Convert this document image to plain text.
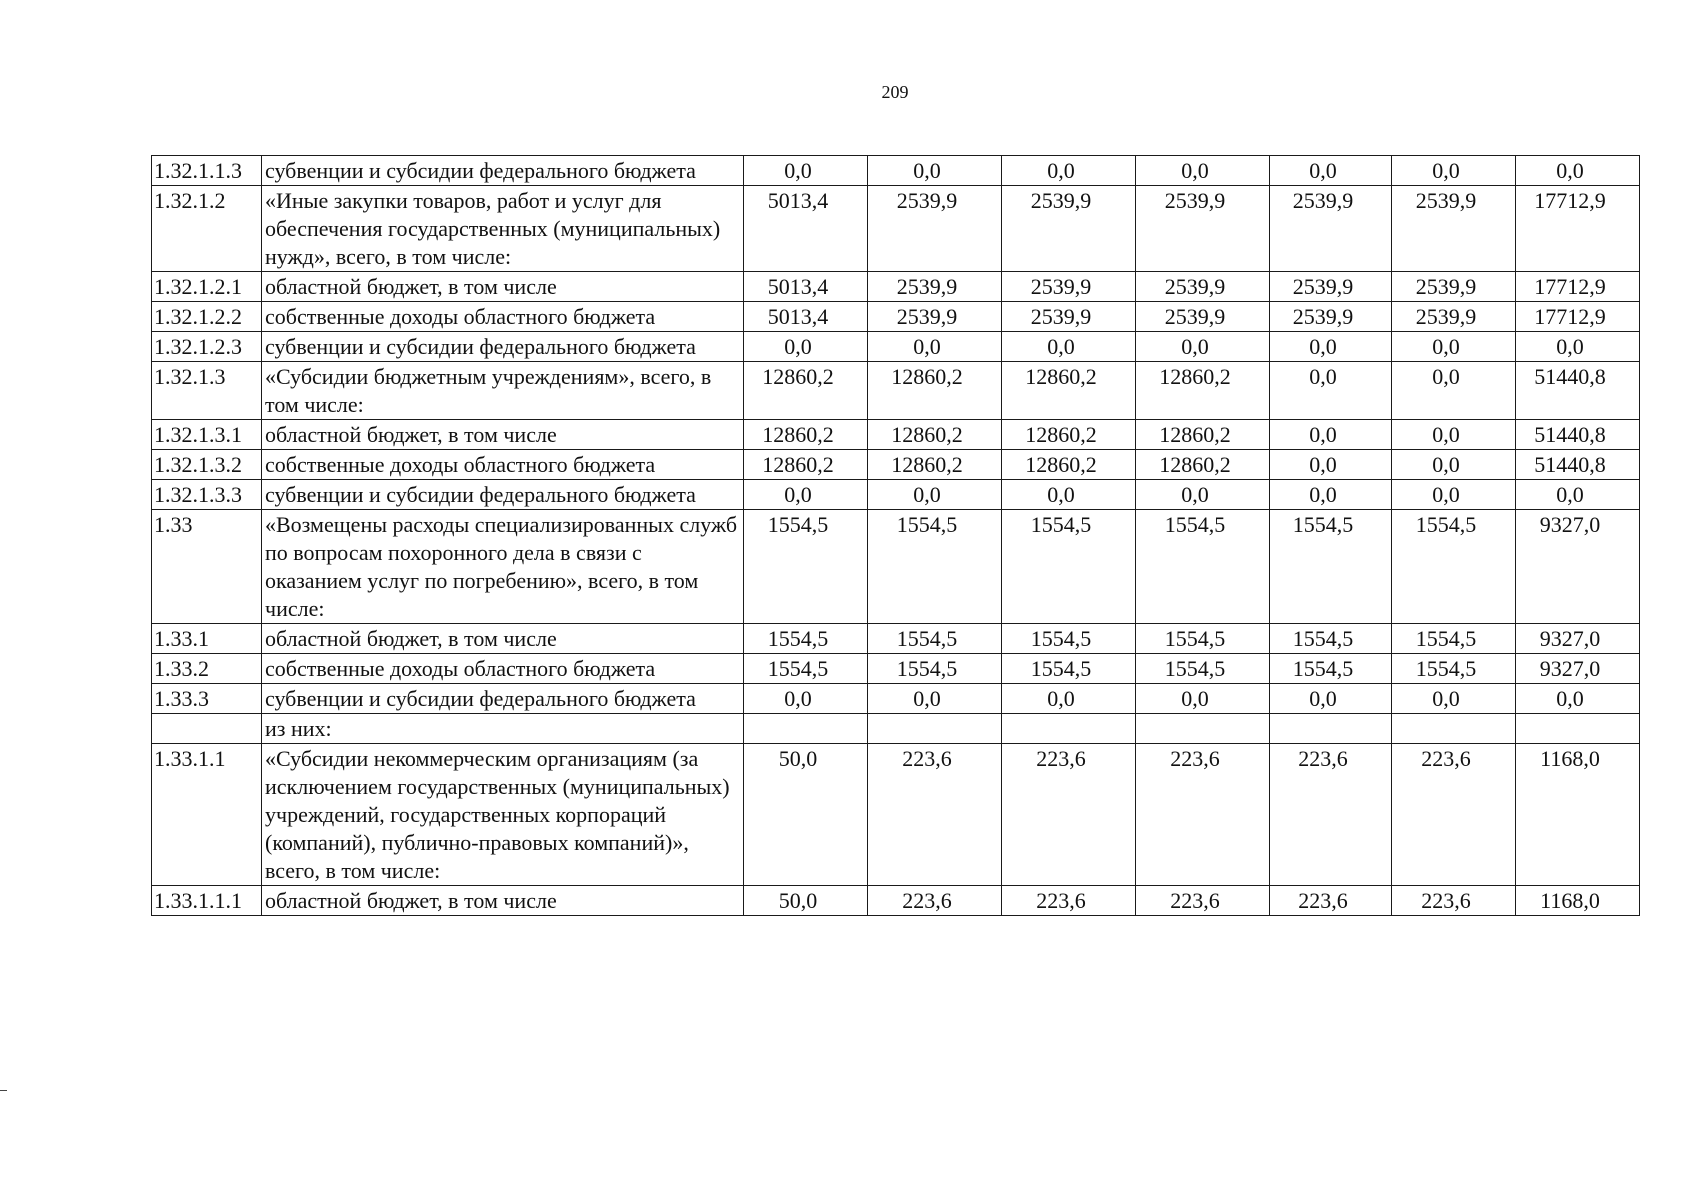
209
1.32.1.1.3	субвенции и субсидии федерального бюджета	0,0	0,0	0,0	0,0	0,0	0,0	0,0
1.32.1.2	«Иные закупки товаров, работ и услуг для обеспечения государственных (муниципальных) нужд», всего, в том числе:	5013,4	2539,9	2539,9	2539,9	2539,9	2539,9	17712,9
1.32.1.2.1	областной бюджет, в том числе	5013,4	2539,9	2539,9	2539,9	2539,9	2539,9	17712,9
1.32.1.2.2	собственные доходы областного бюджета	5013,4	2539,9	2539,9	2539,9	2539,9	2539,9	17712,9
1.32.1.2.3	субвенции и субсидии федерального бюджета	0,0	0,0	0,0	0,0	0,0	0,0	0,0
1.32.1.3	«Субсидии бюджетным учреждениям», всего, в том числе:	12860,2	12860,2	12860,2	12860,2	0,0	0,0	51440,8
1.32.1.3.1	областной бюджет, в том числе	12860,2	12860,2	12860,2	12860,2	0,0	0,0	51440,8
1.32.1.3.2	собственные доходы областного бюджета	12860,2	12860,2	12860,2	12860,2	0,0	0,0	51440,8
1.32.1.3.3	субвенции и субсидии федерального бюджета	0,0	0,0	0,0	0,0	0,0	0,0	0,0
1.33	«Возмещены расходы специализированных служб по вопросам похоронного дела в связи с оказанием услуг по погребению», всего, в том числе:	1554,5	1554,5	1554,5	1554,5	1554,5	1554,5	9327,0
1.33.1	областной бюджет, в том числе	1554,5	1554,5	1554,5	1554,5	1554,5	1554,5	9327,0
1.33.2	собственные доходы областного бюджета	1554,5	1554,5	1554,5	1554,5	1554,5	1554,5	9327,0
1.33.3	субвенции и субсидии федерального бюджета	0,0	0,0	0,0	0,0	0,0	0,0	0,0
	из них:							
1.33.1.1	«Субсидии некоммерческим организациям (за исключением государственных (муниципальных) учреждений, государственных корпораций (компаний), публично-правовых компаний)», всего, в том числе:	50,0	223,6	223,6	223,6	223,6	223,6	1168,0
1.33.1.1.1	областной бюджет, в том числе	50,0	223,6	223,6	223,6	223,6	223,6	1168,0
